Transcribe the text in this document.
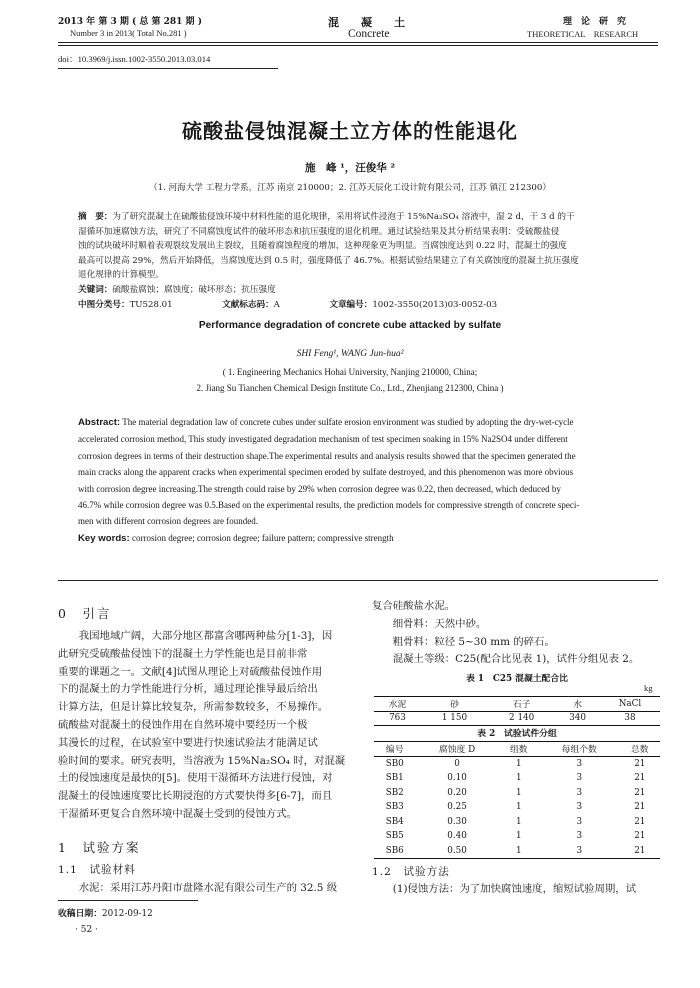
2013 年 第 3 期 ( 总 第 281 期 )
Number 3 in 2013( Total No.281 )
混　　凝　　土
Concrete
理　论　研　究
THEORETICAL　RESEARCH
doi：10.3969/j.issn.1002-3550.2013.03.014
硫酸盐侵蚀混凝土立方体的性能退化
施　峰 ¹，汪俊华 ²
（1. 河海大学 工程力学系，江苏 南京 210000；2. 江苏天辰化工设计院有限公司，江苏 镇江 212300）
摘　要：为了研究混凝土在硫酸盐侵蚀环境中材料性能的退化规律，采用将试件浸泡于 15%Na₂SO₄ 溶液中，湿 2 d，干 3 d 的干
湿循环加速腐蚀方法，研究了不同腐蚀度试件的破坏形态和抗压强度的退化机理。通过试验结果及其分析结果表明：受硫酸盐侵
蚀的试块破坏时顺着表观裂纹发展出主裂纹，且随着腐蚀程度的增加，这种现象更为明显。当腐蚀度达到 0.22 时，混凝土的强度
最高可以提高 29%，然后开始降低，当腐蚀度达到 0.5 时，强度降低了 46.7%。根据试验结果建立了有关腐蚀度的混凝土抗压强度
退化规律的计算模型。
关键词：硫酸盐腐蚀；腐蚀度；破坏形态；抗压强度
中图分类号：TU528.01	文献标志码：A	文章编号：1002-3550(2013)03-0052-03
Performance degradation of concrete cube attacked by sulfate
SHI Feng¹, WANG Jun-hua²
( 1. Engineering Mechanics Hohai University, Nanjing 210000, China;
2. Jiang Su Tianchen Chemical Design Institute Co., Ltd., Zhenjiang 212300, China )
Abstract: The material degradation law of concrete cubes under sulfate erosion environment was studied by adopting the dry-wet-cycle
accelerated corrosion method, This study investigated degradation mechanism of test specimen soaking in 15% Na2SO4 under different
corrosion degrees in terms of their destruction shape.The experimental results and analysis results showed that the specimen generated the
main cracks along the apparent cracks when experimental specimen eroded by sulfate destroyed, and this phenomenon was more obvious
with corrosion degree increasing.The strength could raise by 29% when corrosion degree was 0.22, then decreased, which deduced by
46.7% while corrosion degree was 0.5.Based on the experimental results, the prediction models for compressive strength of concrete speci-
men with different corrosion degrees are founded.
Key words: corrosion degree; corrosion degree; failure pattern; compressive strength
0　引言
　　我国地域广阔，大部分地区都富含哪两种盐分[1-3]，因
此研究受硫酸盐侵蚀下的混凝土力学性能也是目前非常
重要的课题之一。文献[4]试图从理论上对硫酸盐侵蚀作用
下的混凝土的力学性能进行分析，通过理论推导最后给出
计算方法，但是计算比较复杂，所需参数较多，不易操作。
硫酸盐对混凝土的侵蚀作用在自然环境中要经历一个极
其漫长的过程，在试验室中要进行快速试验法才能满足试
验时间的要求。研究表明，当溶液为 15%Na₂SO₄ 时，对混凝
土的侵蚀速度是最快的[5]。使用干湿循环方法进行侵蚀，对
混凝土的侵蚀速度要比长期浸泡的方式要快得多[6-7]，而且
干湿循环更复合自然环境中混凝土受到的侵蚀方式。
1　试验方案
1.1　试验材料
　　水泥：采用江苏丹阳市盘隆水泥有限公司生产的 32.5 级
收稿日期：2012-09-12
· 52 ·
复合硅酸盐水泥。
　　细骨料：天然中砂。
　　粗骨料：粒径 5~30 mm 的碎石。
　　混凝土等级：C25(配合比见表 1)，试件分组见表 2。
表 1　C25 混凝土配合比
kg
水泥	砂	石子	水	NaCl
763	1 150	2 140	340	38
表 2　试验试件分组
编号	腐蚀度 D	组数	每组个数	总数
SB0	0	1	3	21
SB1	0.10	1	3	21
SB2	0.20	1	3	21
SB3	0.25	1	3	21
SB4	0.30	1	3	21
SB5	0.40	1	3	21
SB6	0.50	1	3	21
1.2　试验方法
　　(1)侵蚀方法：为了加快腐蚀速度，缩短试验周期，试
